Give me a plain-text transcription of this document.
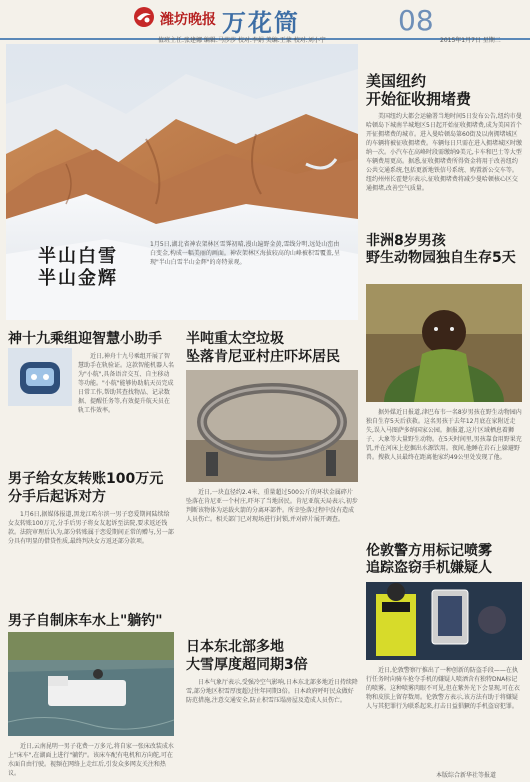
潍坊晚报 万花筒	08
值班主任:张建娜 编辑:马莎莎 校对:李娟 美编:王蒙 校对:刘小宁	2015年1月7日 星期二
半山白雪
半山金辉

1月5日,湖北省神农架林区雪霁初晴,漫山遍野金黄,雪线分明,远处山峦由白变金,构成一幅美丽的画面。神农架林区海拔较高的山峰被积雪覆盖,呈现"半山白雪半山金辉"的奇特景观。

美国纽约
开始征收拥堵费

美国纽约大都会运输署当地时间5日发布公告,纽约市曼哈顿岛下城南半城地区5日起开始征收拥堵费,成为美国首个开征拥堵费的城市。进入曼哈顿岛第60街及以南拥堵城区的车辆将被征收拥堵费。车辆每日只需在进入拥堵城区时缴纳一次。小汽车在高峰时段需缴纳9美元,卡车和巴士等大型车辆费用更高。据悉,征收拥堵费所得资金将用于改善纽约公共交通系统,包括更新地铁信号系统、购置新公交车等。纽约州州长霍楚尔表示,征收拥堵费将减少曼哈顿核心区交通拥堵,改善空气质量。

非洲8岁男孩
野生动物园独自生存5天

据外媒近日报道,津巴布韦一名8岁男孩在野生动物园内独自生存5天后获救。这名男孩于去年12月底在家附近走失,误入马图萨多纳国家公园。据报道,这片区域栖息着狮子、大象等大量野生动物。在5天时间里,男孩靠食用野果充饥,并在河床上挖掘出水源饮用。夜间,他睡在岩石上躲避野兽。搜救人员最终在距离他家约49公里处发现了他。

伦敦警方用标记喷雾
追踪盗窃手机嫌疑人

近日,伦敦警察厅推出了一种创新的防盗手段——在执行任务时向骑车抢夺手机的嫌疑人喷洒含有独特DNA标记的喷雾。这种喷雾肉眼不可见,但在紫外光下会显现,可在衣物和皮肤上留存数周。伦敦警方表示,该方法有助于将嫌疑人与其犯罪行为联系起来,打击日益猖獗的手机盗窃犯罪。

神十九乘组迎智慧小助手

近日,神舟十九号乘组开展了智慧助手在轨验证。这款智能机器人名为"小航",具备语音交互、自主移动等功能。"小航"能够协助航天员完成日常工作,帮助其查找物品、记录数据、提醒任务等,有效提升航天员在轨工作效率。

男子给女友转账100万元
分手后起诉对方

1月6日,据媒体报道,黑龙江哈尔滨一男子恋爱期间陆续给女友转账100万元,分手后男子将女友起诉至法院,要求返还钱款。法院审理后认为,部分转账属于恋爱期间正常的赠与,另一部分具有明显的借贷性质,最终判决女方返还部分款项。

男子自制床车水上"躺钓"

近日,云南昆明一男子花费一万多元,将自家一张床改装成水上"床车",在湖面上进行"躺钓"。该床车配有电机和方向舵,可在水面自由行驶。视频在网络上走红后,引发众多网友关注和热议。

半吨重太空垃圾
坠落肯尼亚村庄吓坏居民

近日,一块直径约2.4米、重量超过500公斤的环状金属碎片坠落在肯尼亚一个村庄,吓坏了当地居民。肯尼亚航天局表示,初步判断该物体为运载火箭的分离环部件。所幸坠落过程中没有造成人员伤亡。相关部门已对现场进行封锁,并对碎片展开调查。

日本东北部多地
大雪厚度超同期3倍

日本气象厅表示,受强冷空气影响,日本东北部多地近日持续降雪,部分地区积雪厚度超过往年同期3倍。日本政府呼吁民众做好防范措施,注意交通安全,防止积雪压塌房屋及造成人员伤亡。

本版综合新华社等报道
